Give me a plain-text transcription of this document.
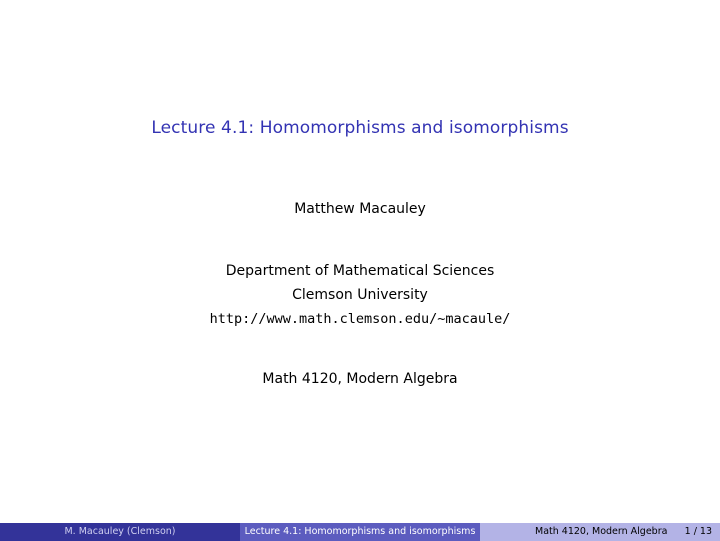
Lecture 4.1: Homomorphisms and isomorphisms
Matthew Macauley
Department of Mathematical Sciences
Clemson University
http://www.math.clemson.edu/~macaule/
Math 4120, Modern Algebra
M. Macauley (Clemson)	Lecture 4.1: Homomorphisms and isomorphisms	Math 4120, Modern Algebra 1 / 13
